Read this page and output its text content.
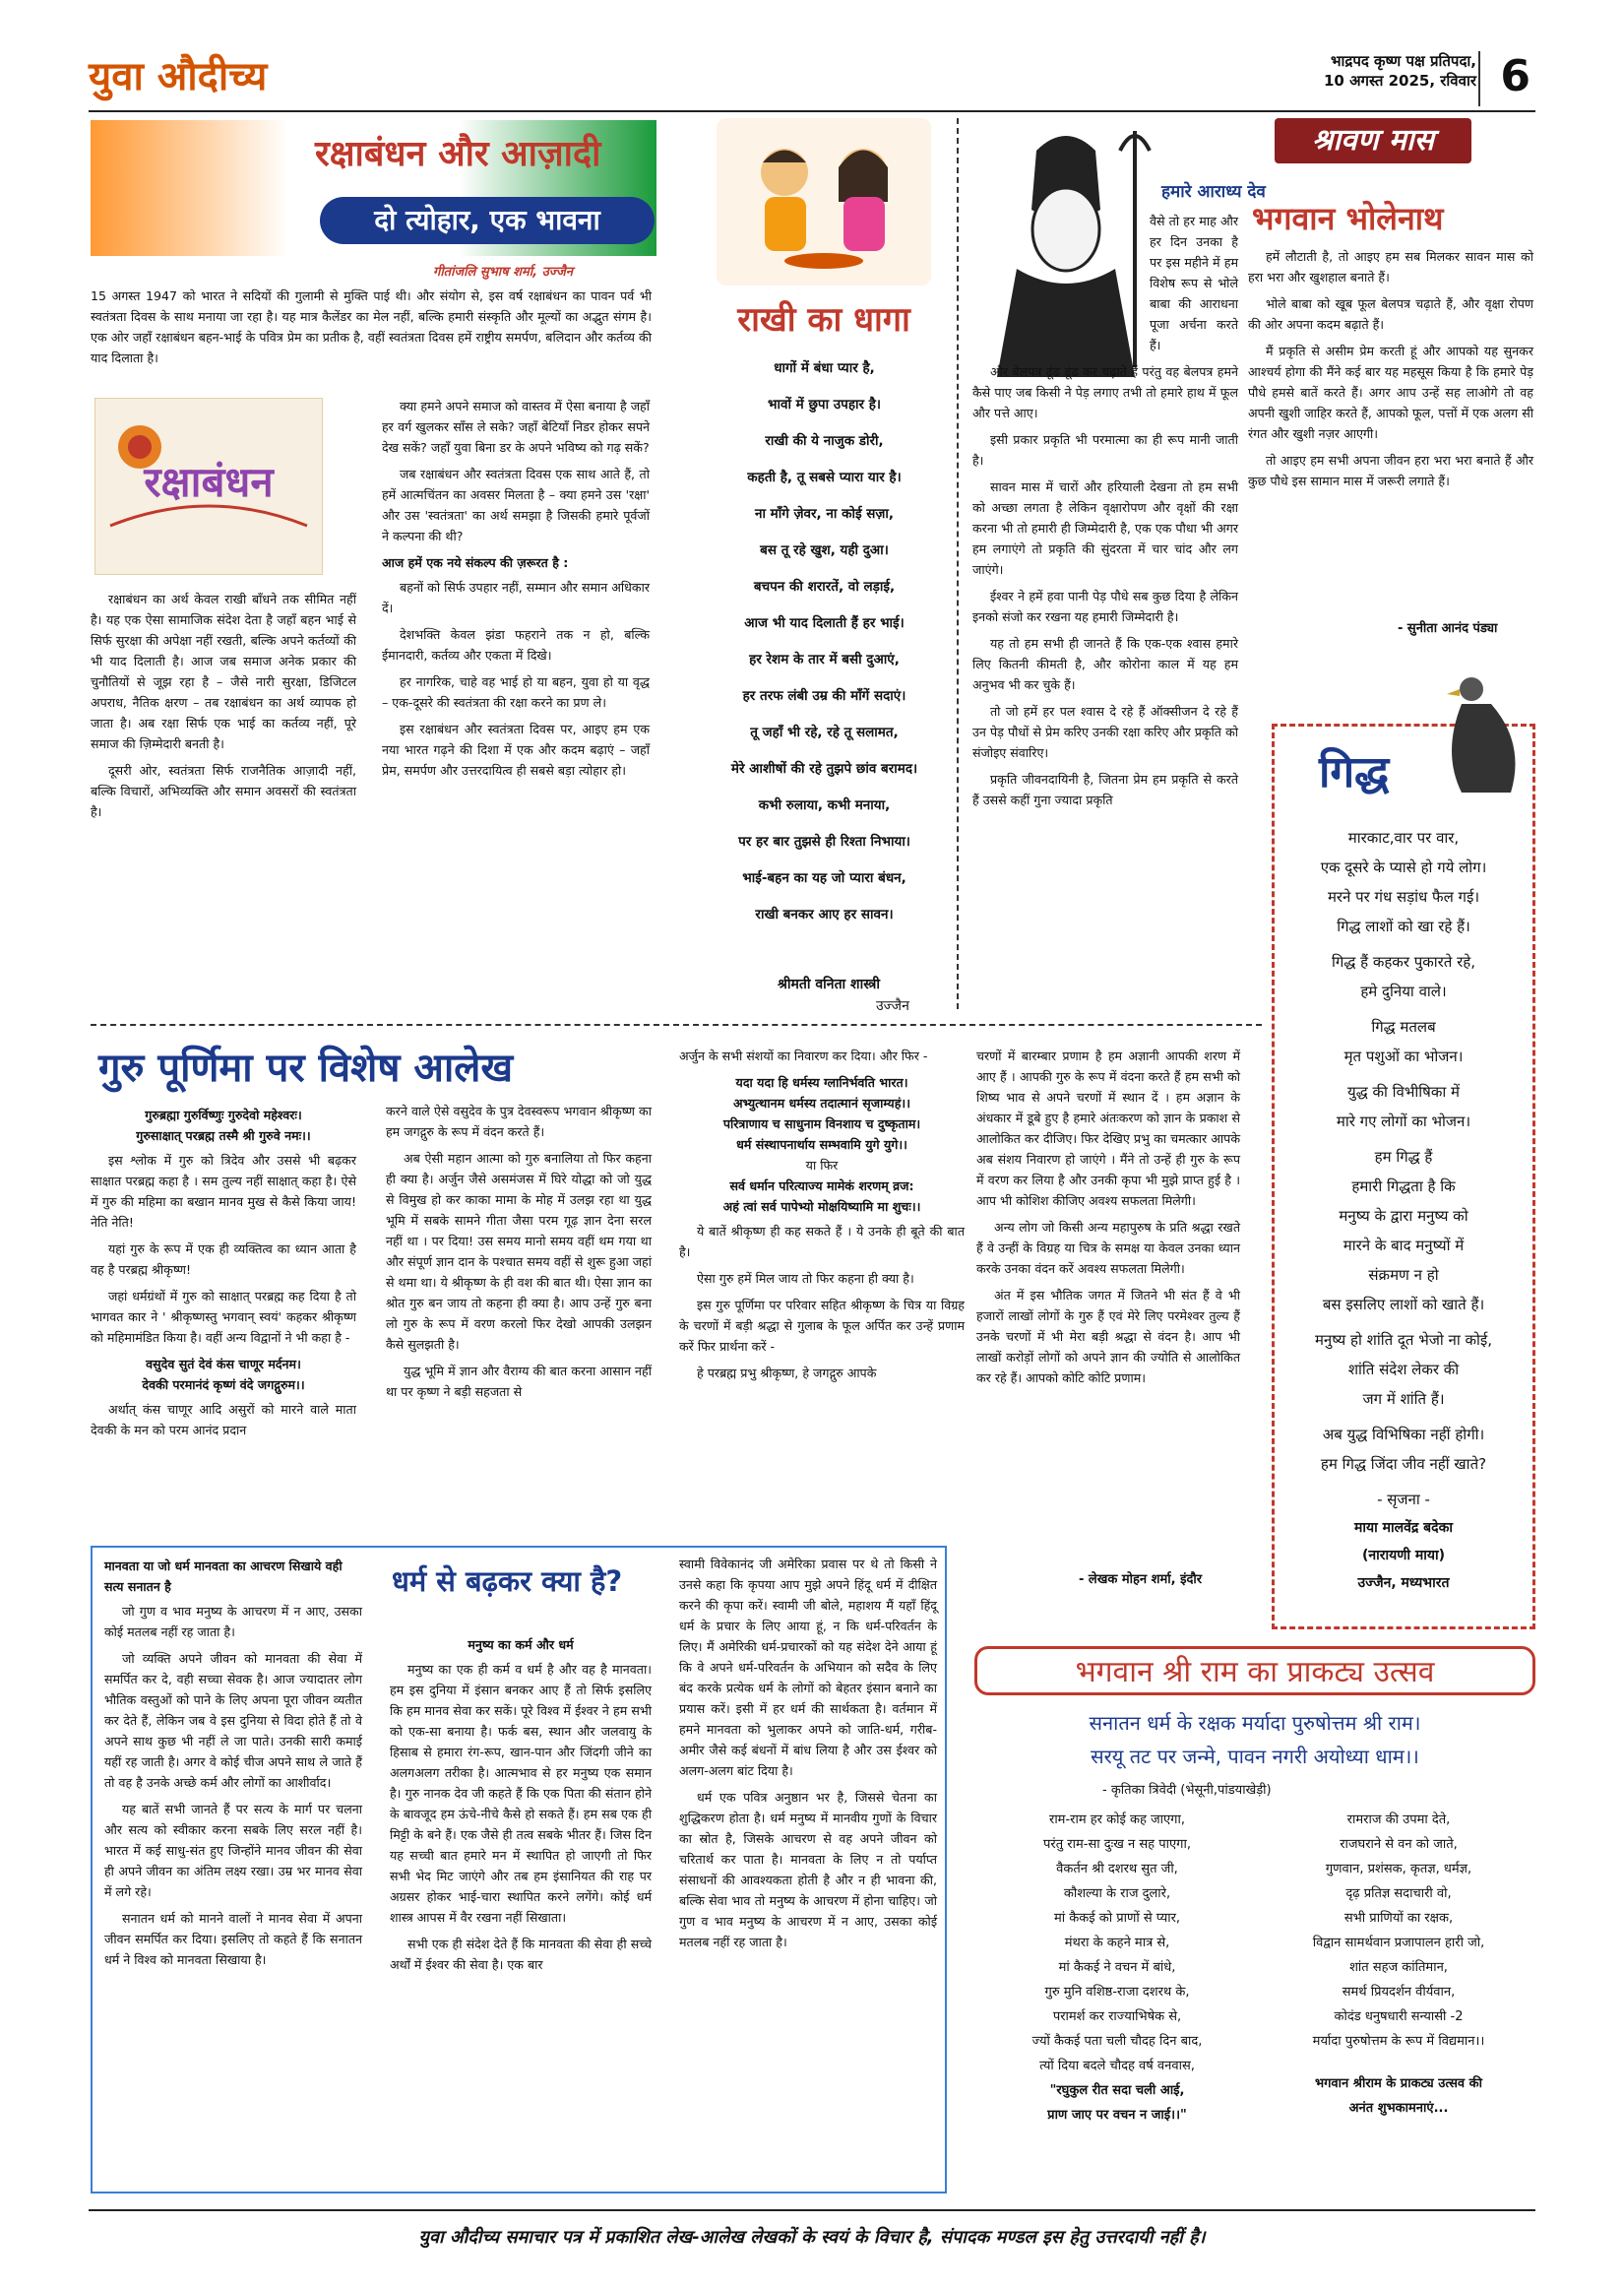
युवा औदीच्य	भाद्रपद कृष्ण पक्ष प्रतिपदा,
10 अगस्त 2025, रविवार 6
रक्षाबंधन और आज़ादी
दो त्योहार, एक भावना
गीतांजलि सुभाष शर्मा, उज्जैन
15 अगस्त 1947 को भारत ने सदियों की गुलामी से मुक्ति पाई थी। और संयोग से, इस वर्ष रक्षाबंधन का पावन पर्व भी स्वतंत्रता दिवस के साथ मनाया जा रहा है। यह मात्र कैलेंडर का मेल नहीं, बल्कि हमारी संस्कृति और मूल्यों का अद्भुत संगम है। एक ओर जहाँ रक्षाबंधन बहन-भाई के पवित्र प्रेम का प्रतीक है, वहीं स्वतंत्रता दिवस हमें राष्ट्रीय समर्पण, बलिदान और कर्तव्य की याद दिलाता है।
रक्षाबंधन

रक्षाबंधन का अर्थ केवल राखी बाँधने तक सीमित नहीं है। यह एक ऐसा सामाजिक संदेश देता है जहाँ बहन भाई से सिर्फ सुरक्षा की अपेक्षा नहीं रखती, बल्कि अपने कर्तव्यों की भी याद दिलाती है। आज जब समाज अनेक प्रकार की चुनौतियों से जूझ रहा है – जैसे नारी सुरक्षा, डिजिटल अपराध, नैतिक क्षरण – तब रक्षाबंधन का अर्थ व्यापक हो जाता है। अब रक्षा सिर्फ एक भाई का कर्तव्य नहीं, पूरे समाज की ज़िम्मेदारी बनती है।

दूसरी ओर, स्वतंत्रता सिर्फ राजनैतिक आज़ादी नहीं, बल्कि विचारों, अभिव्यक्ति और समान अवसरों की स्वतंत्रता है।

क्या हमने अपने समाज को वास्तव में ऐसा बनाया है जहाँ हर वर्ग खुलकर साँस ले सके? जहाँ बेटियाँ निडर होकर सपने देख सकें? जहाँ युवा बिना डर के अपने भविष्य को गढ़ सकें?

जब रक्षाबंधन और स्वतंत्रता दिवस एक साथ आते हैं, तो हमें आत्मचिंतन का अवसर मिलता है – क्या हमने उस 'रक्षा' और उस 'स्वतंत्रता' का अर्थ समझा है जिसकी हमारे पूर्वजों ने कल्पना की थी?

आज हमें एक नये संकल्प की ज़रूरत है :

बहनों को सिर्फ उपहार नहीं, सम्मान और समान अधिकार दें।

देशभक्ति केवल झंडा फहराने तक न हो, बल्कि ईमानदारी, कर्तव्य और एकता में दिखे।

हर नागरिक, चाहे वह भाई हो या बहन, युवा हो या वृद्ध – एक-दूसरे की स्वतंत्रता की रक्षा करने का प्रण ले।

इस रक्षाबंधन और स्वतंत्रता दिवस पर, आइए हम एक नया भारत गढ़ने की दिशा में एक और कदम बढ़ाएं – जहाँ प्रेम, समर्पण और उत्तरदायित्व ही सबसे बड़ा त्योहार हो।

राखी का धागा
धागों में बंधा प्यार है,
भावों में छुपा उपहार है।
राखी की ये नाजुक डोरी,
कहती है, तू सबसे प्यारा यार है।
ना माँगे ज़ेवर, ना कोई सज़ा,
बस तू रहे खुश, यही दुआ।
बचपन की शरारतें, वो लड़ाई,
आज भी याद दिलाती हैं हर भाई।
हर रेशम के तार में बसी दुआएं,
हर तरफ लंबी उम्र की माँगें सदाएं।
तू जहाँ भी रहे, रहे तू सलामत,
मेरे आशीषों की रहे तुझपे छांव बरामद।
कभी रुलाया, कभी मनाया,
पर हर बार तुझसे ही रिश्ता निभाया।
भाई-बहन का यह जो प्यारा बंधन,
राखी बनकर आए हर सावन।
श्रीमती वनिता शास्त्री
उज्जैन
श्रावण मास
हमारे आराध्य देव
भगवान भोलेनाथ

वैसे तो हर माह और हर दिन उनका है पर इस महीने में हम विशेष रूप से भोले बाबा की आराधना पूजा अर्चना करते हैं।

और बेलपत्र ढूंढ ढूंढ कर चढ़ाते हैं परंतु वह बेलपत्र हमने कैसे पाए जब किसी ने पेड़ लगाए तभी तो हमारे हाथ में फूल और पत्ते आए।

इसी प्रकार प्रकृति भी परमात्मा का ही रूप मानी जाती है।

सावन मास में चारों और हरियाली देखना तो हम सभी को अच्छा लगता है लेकिन वृक्षारोपण और वृक्षों की रक्षा करना भी तो हमारी ही जिम्मेदारी है, एक एक पौधा भी अगर हम लगाएंगे तो प्रकृति की सुंदरता में चार चांद और लग जाएंगे।

ईश्वर ने हमें हवा पानी पेड़ पौधे सब कुछ दिया है लेकिन इनको संजो कर रखना यह हमारी जिम्मेदारी है।

यह तो हम सभी ही जानते हैं कि एक-एक श्वास हमारे लिए कितनी कीमती है, और कोरोना काल में यह हम अनुभव भी कर चुके हैं।

तो जो हमें हर पल श्वास दे रहे हैं ऑक्सीजन दे रहे हैं उन पेड़ पौधों से प्रेम करिए उनकी रक्षा करिए और प्रकृति को संजोइए संवारिए।

प्रकृति जीवनदायिनी है, जितना प्रेम हम प्रकृति से करते हैं उससे कहीं गुना ज्यादा प्रकृति

हमें लौटाती है, तो आइए हम सब मिलकर सावन मास को हरा भरा और खुशहाल बनाते हैं।

भोले बाबा को खूब फूल बेलपत्र चढ़ाते हैं, और वृक्षा रोपण की ओर अपना कदम बढ़ाते हैं।

मैं प्रकृति से असीम प्रेम करती हूं और आपको यह सुनकर आश्चर्य होगा की मैंने कई बार यह महसूस किया है कि हमारे पेड़ पौधे हमसे बातें करते हैं। अगर आप उन्हें सह लाओगे तो वह अपनी खुशी जाहिर करते हैं, आपको फूल, पत्तों में एक अलग सी रंगत और खुशी नज़र आएगी।

तो आइए हम सभी अपना जीवन हरा भरा भरा बनाते हैं और कुछ पौधे इस सामान मास में जरूरी लगाते हैं।

- सुनीता आनंद पंड्या
गिद्ध
मारकाट,वार पर वार,
एक दूसरे के प्यासे हो गये लोग।
मरने पर गंध सड़ांध फैल गई।
गिद्ध लाशों को खा रहे हैं।
गिद्ध हैं कहकर पुकारते रहे,
हमे दुनिया वाले।
गिद्ध मतलब
मृत पशुओं का भोजन।
युद्ध की विभीषिका में
मारे गए लोगों का भोजन।
हम गिद्ध हैं
हमारी गिद्धता है कि
मनुष्य के द्वारा मनुष्य को
मारने के बाद मनुष्यों में
संक्रमण न हो
बस इसलिए लाशों को खाते हैं।
मनुष्य हो शांति दूत भेजो ना कोई,
शांति संदेश लेकर की
जग में शांति हैं।
अब युद्ध विभिषिका नहीं होगी।
हम गिद्ध जिंदा जीव नहीं खाते?
- सृजना -
माया मालवेंद्र बदेका
(नारायणी माया)
उज्जैन, मध्यभारत
गुरु पूर्णिमा पर विशेष आलेख
गुरुब्रह्मा गुरुर्विष्णुः गुरुदेवो महेश्वरः।
गुरुसाक्षात् परब्रह्म तस्मै श्री गुरुवे नमः।।

इस श्लोक में गुरु को त्रिदेव और उससे भी बढ़कर साक्षात परब्रह्म कहा है । सम तुल्य नहीं साक्षात् कहा है। ऐसे में गुरु की महिमा का बखान मानव मुख से कैसे किया जाय! नेति नेति!

यहां गुरु के रूप में एक ही व्यक्तित्व का ध्यान आता है वह है परब्रह्म श्रीकृष्ण!

जहां धर्मग्रंथों में गुरु को साक्षात् परब्रह्म कह दिया है तो भागवत कार ने ' श्रीकृष्णस्तु भगवान् स्वयं' कहकर श्रीकृष्ण को महिमामंडित किया है। वहीं अन्य विद्वानों ने भी कहा है -

वसुदेव सुतं देवं कंस चाणूर मर्दनम।
देवकी परमानंदं कृष्णं वंदे जगद्गुरुम।।

अर्थात् कंस चाणूर आदि असुरों को मारने वाले माता देवकी के मन को परम आनंद प्रदान

करने वाले ऐसे वसुदेव के पुत्र देवस्वरूप भगवान श्रीकृष्ण का हम जगद्गुरु के रूप में वंदन करते हैं।

अब ऐसी महान आत्मा को गुरु बनालिया तो फिर कहना ही क्या है। अर्जुन जैसे असमंजस में घिरे योद्धा को जो युद्ध से विमुख हो कर काका मामा के मोह में उलझ रहा था युद्ध भूमि में सबके सामने गीता जैसा परम गूढ़ ज्ञान देना सरल नहीं था । पर दिया! उस समय मानो समय वहीं थम गया था और संपूर्ण ज्ञान दान के पश्चात समय वहीं से शुरू हुआ जहां से थमा था। ये श्रीकृष्ण के ही वश की बात थी। ऐसा ज्ञान का श्रोत गुरु बन जाय तो कहना ही क्या है। आप उन्हें गुरु बना लो गुरु के रूप में वरण करलो फिर देखो आपकी उलझन कैसे सुलझती है।

युद्ध भूमि में ज्ञान और वैराग्य की बात करना आसान नहीं था पर कृष्ण ने बड़ी सहजता से

अर्जुन के सभी संशयों का निवारण कर दिया। और फिर -

यदा यदा हि धर्मस्य ग्लानिर्भवति भारत।
अभ्युत्थानम धर्मस्य तदात्मानं सृजाम्यहं।।
परित्राणाय च साधुनाम विनशाय च दुष्कृताम।
धर्म संस्थापनार्थाय सम्भवामि युगे युगे।।
या फिर
सर्व धर्मान परित्याज्य मामेकं शरणम् व्रज:
अहं त्वां सर्व पापेभ्यो मोक्षयिष्यामि मा शुचः।।

ये बातें श्रीकृष्ण ही कह सकते हैं । ये उनके ही बूते की बात है।

ऐसा गुरु हमें मिल जाय तो फिर कहना ही क्या है।

इस गुरु पूर्णिमा पर परिवार सहित श्रीकृष्ण के चित्र या विग्रह के चरणों में बड़ी श्रद्धा से गुलाब के फूल अर्पित कर उन्हें प्रणाम करें फिर प्रार्थना करें -

हे परब्रह्म प्रभु श्रीकृष्ण, हे जगद्गुरु आपके

चरणों में बारम्बार प्रणाम है हम अज्ञानी आपकी शरण में आए हैं । आपकी गुरु के रूप में वंदना करते हैं हम सभी को शिष्य भाव से अपने चरणों में स्थान दें । हम अज्ञान के अंधकार में डूबे हुए है हमारे अंतःकरण को ज्ञान के प्रकाश से आलोकित कर दीजिए। फिर देखिए प्रभु का चमत्कार आपके अब संशय निवारण हो जाएंगे । मैंने तो उन्हें ही गुरु के रूप में वरण कर लिया है और उनकी कृपा भी मुझे प्राप्त हुई है । आप भी कोशिश कीजिए अवश्य सफलता मिलेगी।

अन्य लोग जो किसी अन्य महापुरुष के प्रति श्रद्धा रखते हैं वे उन्हीं के विग्रह या चित्र के समक्ष या केवल उनका ध्यान करके उनका वंदन करें अवश्य सफलता मिलेगी।

अंत में इस भौतिक जगत में जितने भी संत हैं वे भी हजारों लाखों लोगों के गुरु हैं एवं मेरे लिए परमेश्वर तुल्य हैं उनके चरणों में भी मेरा बड़ी श्रद्धा से वंदन है। आप भी लाखों करोड़ों लोगों को अपने ज्ञान की ज्योति से आलोकित कर रहे हैं। आपको कोटि कोटि प्रणाम।

- लेखक मोहन शर्मा, इंदौर
मानवता या जो धर्म मानवता का आचरण सिखाये वही सत्य सनातन है

जो गुण व भाव मनुष्य के आचरण में न आए, उसका कोई मतलब नहीं रह जाता है।

जो व्यक्ति अपने जीवन को मानवता की सेवा में समर्पित कर दे, वही सच्चा सेवक है। आज ज्यादातर लोग भौतिक वस्तुओं को पाने के लिए अपना पूरा जीवन व्यतीत कर देते हैं, लेकिन जब वे इस दुनिया से विदा होते हैं तो वे अपने साथ कुछ भी नहीं ले जा पाते। उनकी सारी कमाई यहीं रह जाती है। अगर वे कोई चीज अपने साथ ले जाते हैं तो वह है उनके अच्छे कर्म और लोगों का आशीर्वाद।

यह बातें सभी जानते हैं पर सत्य के मार्ग पर चलना और सत्य को स्वीकार करना सबके लिए सरल नहीं है। भारत में कई साधु-संत हुए जिन्होंने मानव जीवन की सेवा ही अपने जीवन का अंतिम लक्ष्य रखा। उम्र भर मानव सेवा में लगे रहे।

सनातन धर्म को मानने वालों ने मानव सेवा में अपना जीवन समर्पित कर दिया। इसलिए तो कहते हैं कि सनातन धर्म ने विश्व को मानवता सिखाया है।

धर्म से बढ़कर क्या है?
मनुष्य का कर्म और धर्म

मनुष्य का एक ही कर्म व धर्म है और वह है मानवता। हम इस दुनिया में इंसान बनकर आए हैं तो सिर्फ इसलिए कि हम मानव सेवा कर सकें। पूरे विश्व में ईश्वर ने हम सभी को एक-सा बनाया है। फर्क बस, स्थान और जलवायु के हिसाब से हमारा रंग-रूप, खान-पान और जिंदगी जीने का अलगअलग तरीका है। आत्मभाव से हर मनुष्य एक समान है। गुरु नानक देव जी कहते हैं कि एक पिता की संतान होने के बावजूद हम ऊंचे-नीचे कैसे हो सकते हैं। हम सब एक ही मिट्टी के बने हैं। एक जैसे ही तत्व सबके भीतर हैं। जिस दिन यह सच्ची बात हमारे मन में स्थापित हो जाएगी तो फिर सभी भेद मिट जाएंगे और तब हम इंसानियत की राह पर अग्रसर होकर भाई-चारा स्थापित करने लगेंगे। कोई धर्म शास्त्र आपस में वैर रखना नहीं सिखाता।

सभी एक ही संदेश देते हैं कि मानवता की सेवा ही सच्चे अर्थों में ईश्वर की सेवा है। एक बार

स्वामी विवेकानंद जी अमेरिका प्रवास पर थे तो किसी ने उनसे कहा कि कृपया आप मुझे अपने हिंदू धर्म में दीक्षित करने की कृपा करें। स्वामी जी बोले, महाशय मैं यहाँ हिंदू धर्म के प्रचार के लिए आया हूं, न कि धर्म-परिवर्तन के लिए। मैं अमेरिकी धर्म-प्रचारकों को यह संदेश देने आया हूं कि वे अपने धर्म-परिवर्तन के अभियान को सदैव के लिए बंद करके प्रत्येक धर्म के लोगों को बेहतर इंसान बनाने का प्रयास करें। इसी में हर धर्म की सार्थकता है। वर्तमान में हमने मानवता को भुलाकर अपने को जाति-धर्म, गरीब-अमीर जैसे कई बंधनों में बांध लिया है और उस ईश्वर को अलग-अलग बांट दिया है।

धर्म एक पवित्र अनुष्ठान भर है, जिससे चेतना का शुद्धिकरण होता है। धर्म मनुष्य में मानवीय गुणों के विचार का स्रोत है, जिसके आचरण से वह अपने जीवन को चरितार्थ कर पाता है। मानवता के लिए न तो पर्याप्त संसाधनों की आवश्यकता होती है और न ही भावना की, बल्कि सेवा भाव तो मनुष्य के आचरण में होना चाहिए। जो गुण व भाव मनुष्य के आचरण में न आए, उसका कोई मतलब नहीं रह जाता है।

भगवान श्री राम का प्राकट्य उत्सव
सनातन धर्म के रक्षक मर्यादा पुरुषोत्तम श्री राम।
सरयू तट पर जन्मे, पावन नगरी अयोध्या धाम।।
- कृतिका त्रिवेदी (भेसूनी,पांडयाखेड़ी)
राम-राम हर कोई कह जाएगा,
परंतु राम-सा दुःख न सह पाएगा,
वैकर्तन श्री दशरथ सुत जी,
कौशल्या के राज दुलारे,
मां कैकई को प्राणों से प्यार,
मंथरा के कहने मात्र से,
मां कैकई ने वचन में बांधे,
गुरु मुनि वशिष्ठ-राजा दशरथ के,
परामर्श कर राज्याभिषेक से,
ज्यों कैकई पता चली चौदह दिन बाद,
त्यों दिया बदले चौदह वर्ष वनवास,
"रघुकुल रीत सदा चली आई,
प्राण जाए पर वचन न जाई।।"
रामराज की उपमा देते,
राजघराने से वन को जाते,
गुणवान, प्रशंसक, कृतज्ञ, धर्मज्ञ,
दृढ़ प्रतिज्ञ सदाचारी वो,
सभी प्राणियों का रक्षक,
विद्वान सामर्थवान प्रजापालन हारी जो,
शांत सहज कांतिमान,
समर्थ प्रियदर्शन वीर्यवान,
कोदंड धनुषधारी सन्यासी -2
मर्यादा पुरुषोत्तम के रूप में विद्यमान।।
भगवान श्रीराम के प्राकट्य उत्सव की
अनंत शुभकामनाएं...
युवा औदीच्य समाचार पत्र में प्रकाशित लेख-आलेख लेखकों के स्वयं के विचार है, संपादक मण्डल इस हेतु उत्तरदायी नहीं है।
